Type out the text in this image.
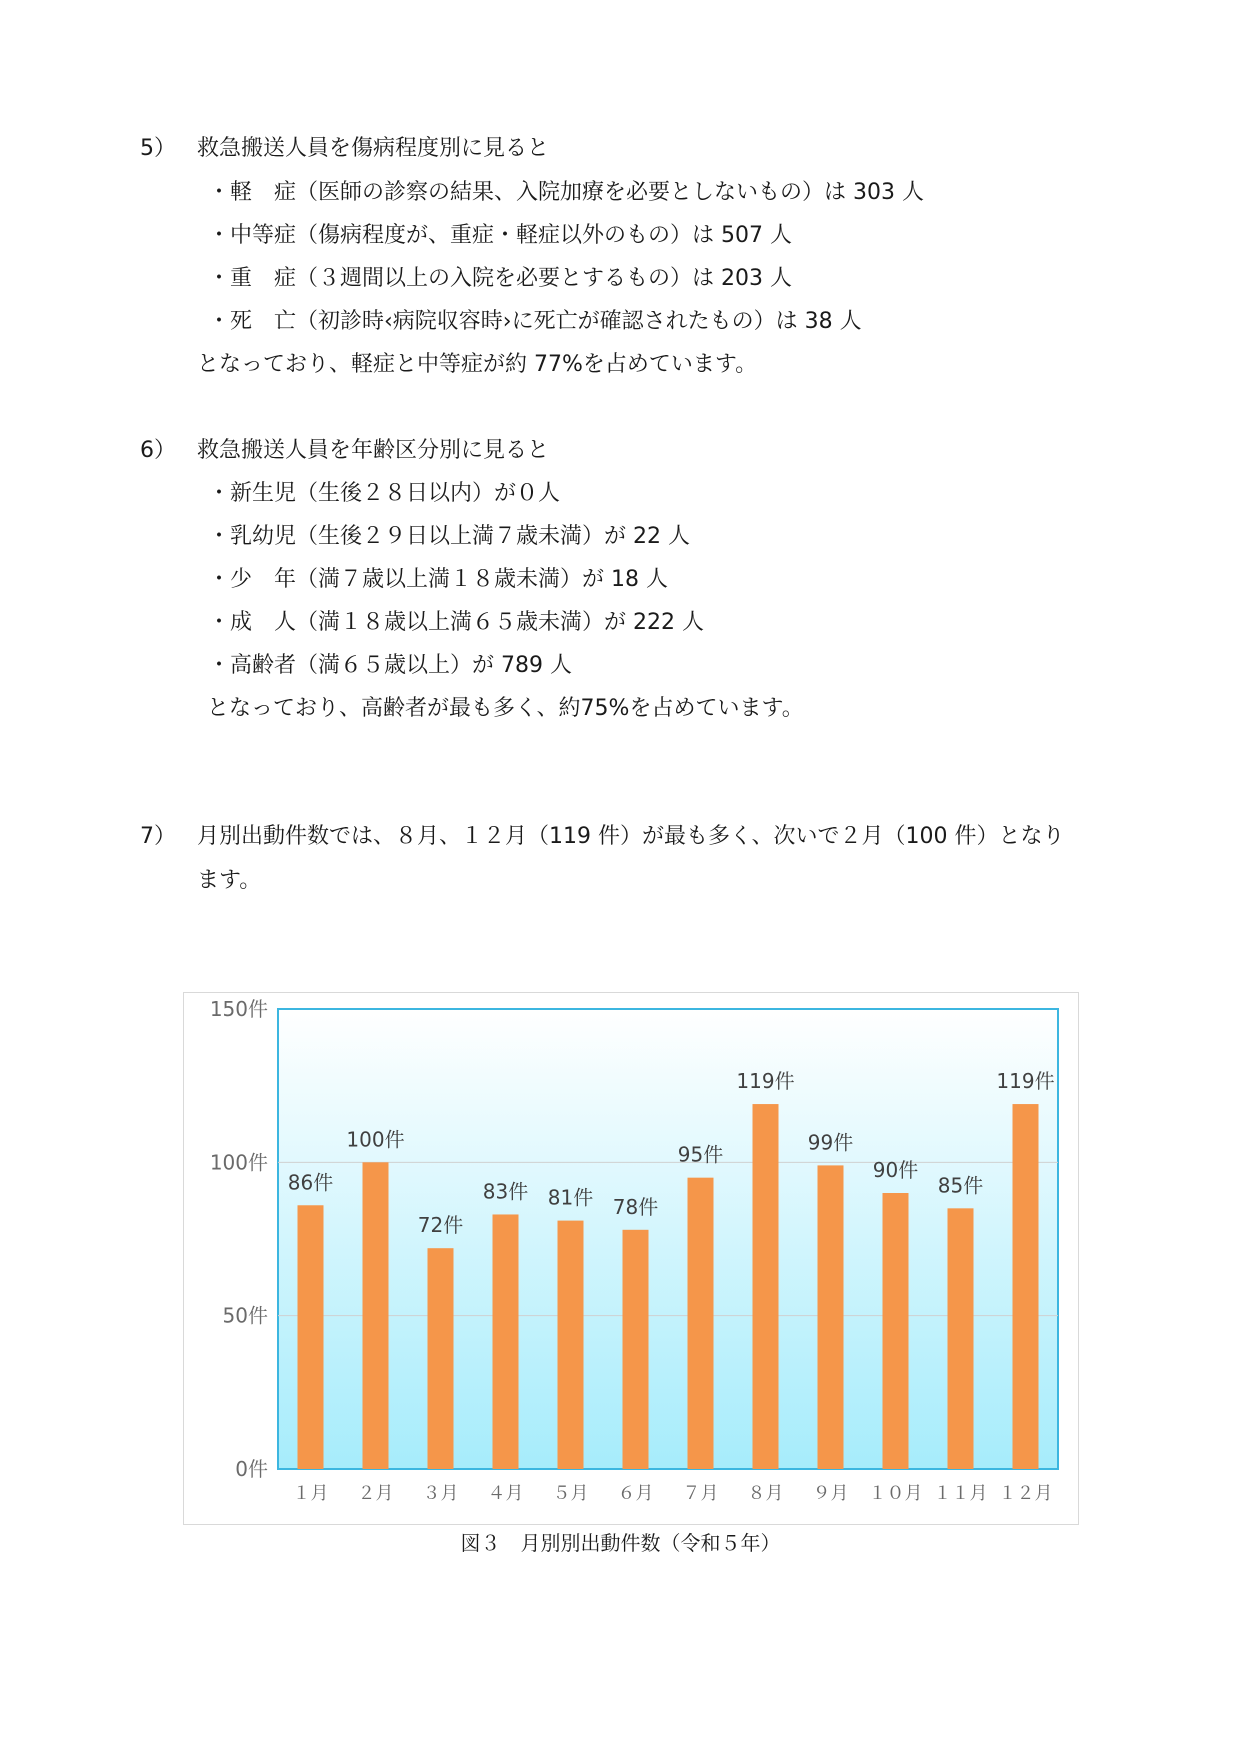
5） 救急搬送人員を傷病程度別に見ると
・軽　症（医師の診察の結果、入院加療を必要としないもの）は 303 人
・中等症（傷病程度が、重症・軽症以外のもの）は 507 人
・重　症（３週間以上の入院を必要とするもの）は 203 人
・死　亡（初診時‹病院収容時›に死亡が確認されたもの）は 38 人
となっており、軽症と中等症が約 77%を占めています。
6） 救急搬送人員を年齢区分別に見ると
・新生児（生後２８日以内）が０人
・乳幼児（生後２９日以上満７歳未満）が 22 人
・少　年（満７歳以上満１８歳未満）が 18 人
・成　人（満１８歳以上満６５歳未満）が 222 人
・高齢者（満６５歳以上）が 789 人
となっており、高齢者が最も多く、約75%を占めています。
7） 月別出動件数では、８月、１２月（119 件）が最も多く、次いで２月（100 件）となり
ます。
86件
100件
72件
83件 81件 78件
95件
119件
99件
90件
85件
119件
0件
50件
100件
150件
１月 ２月 ３月 ４月 ５月 ６月 ７月 ８月 ９月 １０月 １１月 １２月
図３　月別別出動件数（令和５年）
